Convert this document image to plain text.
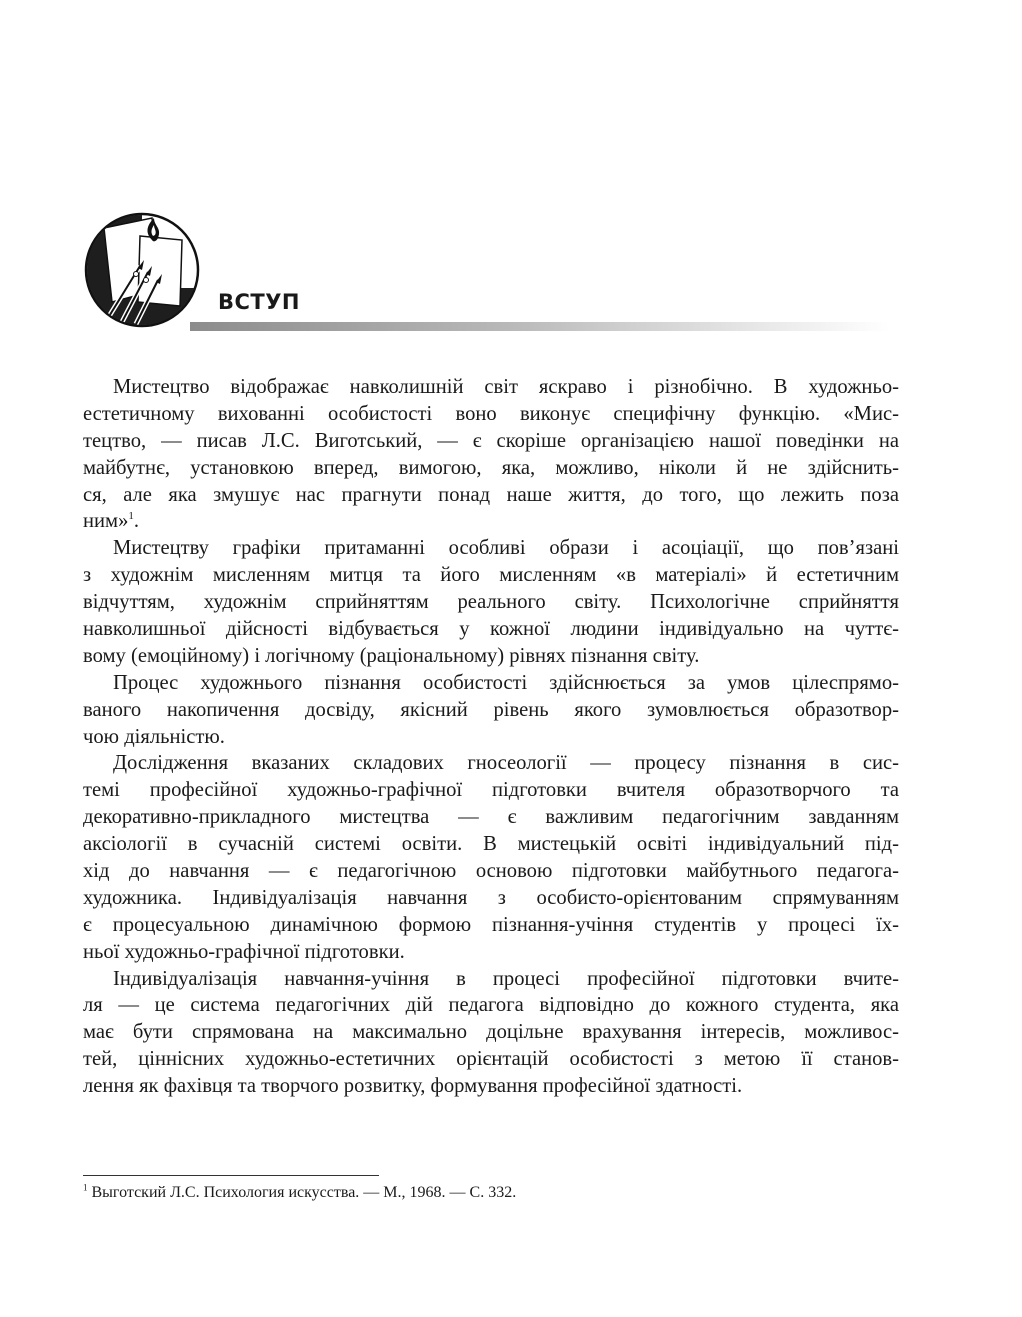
ВСТУП

Мистецтво відображає навколишній світ яскраво і різнобічно. В художньо-
естетичному вихованні особистості воно виконує специфічну функцію. «Мис-
тецтво, — писав Л.С. Виготський, — є скоріше організацією нашої поведінки на
майбутнє, установкою вперед, вимогою, яка, можливо, ніколи й не здійснить-
ся, але яка змушує нас прагнути понад наше життя, до того, що лежить поза
ним»$^1$.

Мистецтву графіки притаманні особливі образи і асоціації, що пов’язані
з художнім мисленням митця та його мисленням «в матеріалі» й естетичним
відчуттям, художнім сприйняттям реального світу. Психологічне сприйняття
навколишньої дійсності відбувається у кожної людини індивідуально на чуттє-
вому (емоційному) і логічному (раціональному) рівнях пізнання світу.

Процес художнього пізнання особистості здійснюється за умов цілеспрямо-
ваного накопичення досвіду, якісний рівень якого зумовлюється образотвор-
чою діяльністю.

Дослідження вказаних складових гносеології — процесу пізнання в сис-
темі професійної художньо-графічної підготовки вчителя образотворчого та
декоративно-прикладного мистецтва — є важливим педагогічним завданням
аксіології в сучасній системі освіти. В мистецькій освіті індивідуальний під-
хід до навчання — є педагогічною основою підготовки майбутнього педагога-
художника. Індивідуалізація навчання з особисто-орієнтованим спрямуванням
є процесуальною динамічною формою пізнання-учіння студентів у процесі їх-
ньої художньо-графічної підготовки.

Індивідуалізація навчання-учіння в процесі професійної підготовки вчите-
ля — це система педагогічних дій педагога відповідно до кожного студента, яка
має бути спрямована на максимально доцільне врахування інтересів, можливос-
тей, ціннісних художньо-естетичних орієнтацій особистості з метою її станов-
лення як фахівця та творчого розвитку, формування професійної здатності.

$^1$ Выготский Л.С. Психология искусства. — М., 1968. — С. 332.
